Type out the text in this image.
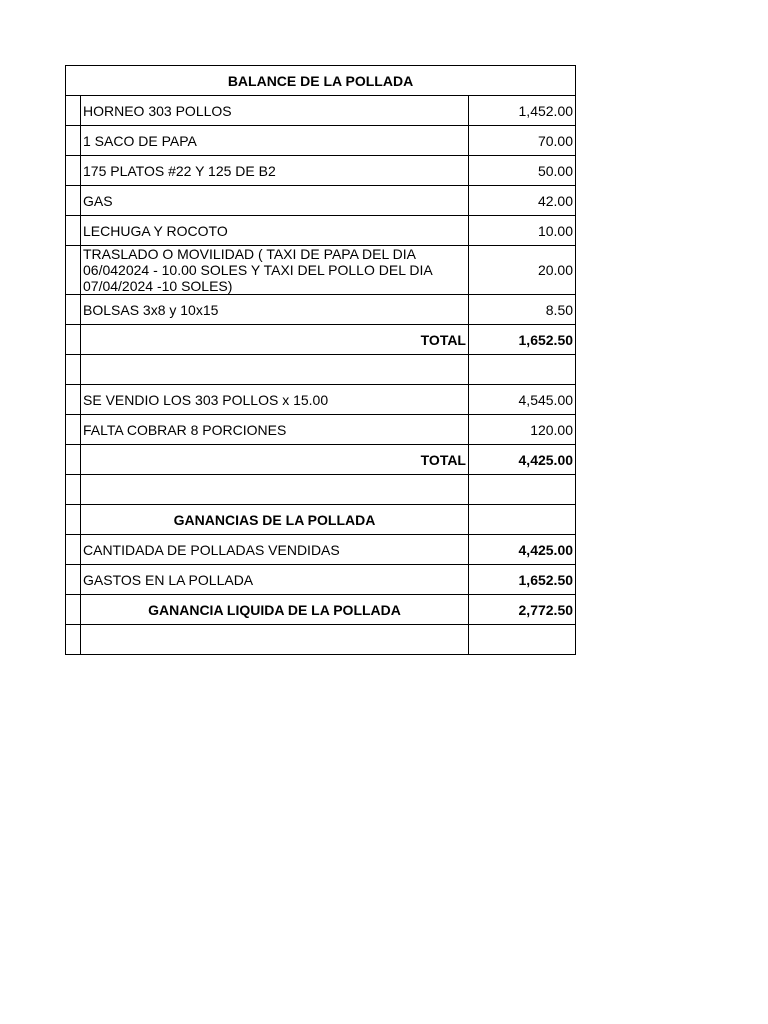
BALANCE DE LA POLLADA		
	HORNEO 303 POLLOS	1,452.00
	1 SACO DE PAPA	70.00
	175 PLATOS #22 Y 125 DE B2	50.00
	GAS	42.00
	LECHUGA Y ROCOTO	10.00
	TRASLADO O MOVILIDAD ( TAXI DE PAPA DEL DIA 06/042024 - 10.00 SOLES Y TAXI DEL POLLO DEL DIA 07/04/2024 -10 SOLES)	20.00
	BOLSAS 3x8 y 10x15	8.50
	TOTAL	1,652.50

	SE VENDIO LOS 303 POLLOS x 15.00	4,545.00
	FALTA COBRAR 8 PORCIONES	120.00
	TOTAL	4,425.00

	GANANCIAS DE LA POLLADA	
	CANTIDADA DE POLLADAS VENDIDAS	4,425.00
	GASTOS EN LA POLLADA	1,652.50
	GANANCIA LIQUIDA DE LA POLLADA	2,772.50
